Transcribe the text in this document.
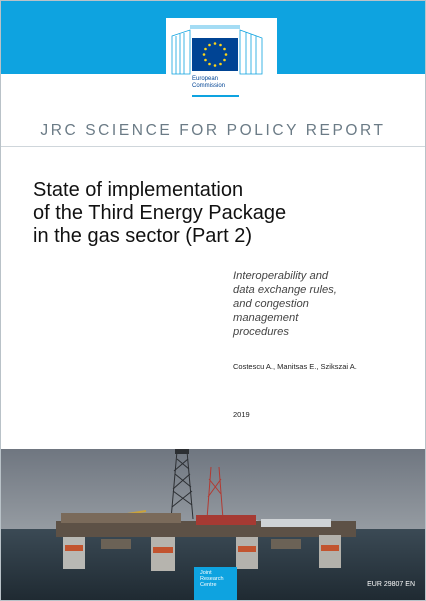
European
Commission
JRC SCIENCE FOR POLICY REPORT
State of implementation
of the Third Energy Package
in the gas sector (Part 2)
Interoperability and
data exchange rules,
and congestion
management
procedures
Costescu A., Manitsas E., Szikszai A.
2019
Joint
Research
Centre	EUR 29807 EN
